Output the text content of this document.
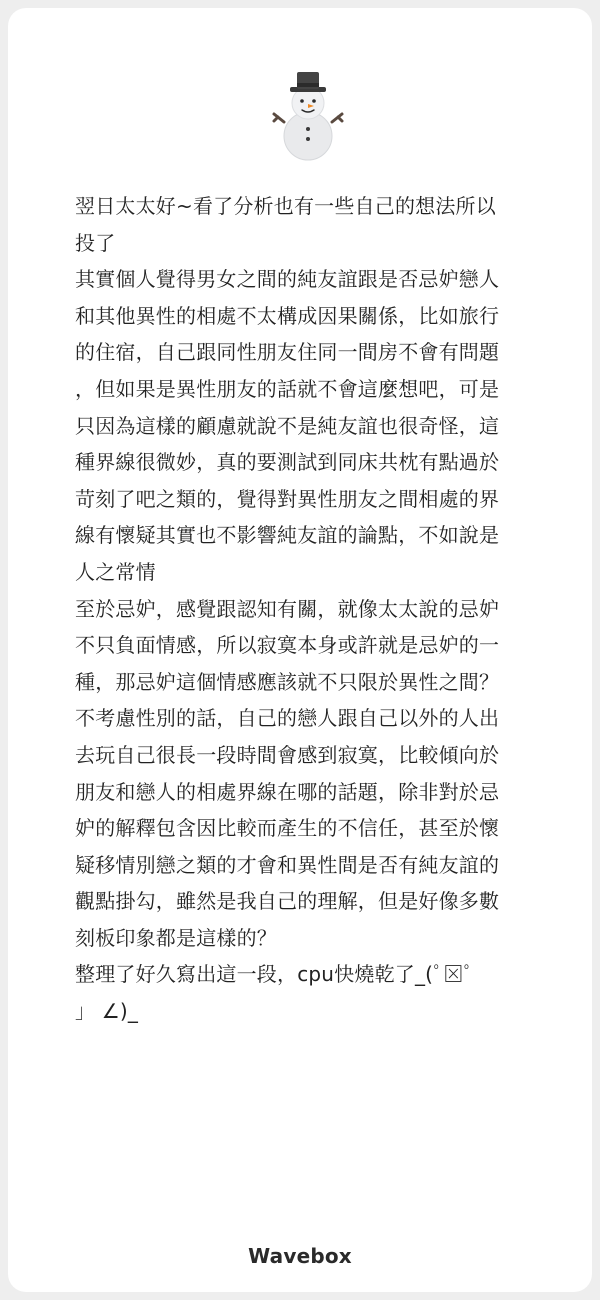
翌日太太好~看了分析也有一些自己的想法所以
投了
其實個人覺得男女之間的純友誼跟是否忌妒戀人
和其他異性的相處不太構成因果關係，比如旅行
的住宿，自己跟同性朋友住同一間房不會有問題
，但如果是異性朋友的話就不會這麼想吧，可是
只因為這樣的顧慮就說不是純友誼也很奇怪，這
種界線很微妙，真的要測試到同床共枕有點過於
苛刻了吧之類的，覺得對異性朋友之間相處的界
線有懷疑其實也不影響純友誼的論點，不如說是
人之常情
至於忌妒，感覺跟認知有關，就像太太說的忌妒
不只負面情感，所以寂寞本身或許就是忌妒的一
種，那忌妒這個情感應該就不只限於異性之間？
不考慮性別的話，自己的戀人跟自己以外的人出
去玩自己很長一段時間會感到寂寞，比較傾向於
朋友和戀人的相處界線在哪的話題，除非對於忌
妒的解釋包含因比較而產生的不信任，甚至於懷
疑移情別戀之類的才會和異性間是否有純友誼的
觀點掛勾，雖然是我自己的理解，但是好像多數
刻板印象都是這樣的？
整理了好久寫出這一段，cpu快燒乾了_(ﾟ⊠ﾟ
」 ∠)_
Wavebox
